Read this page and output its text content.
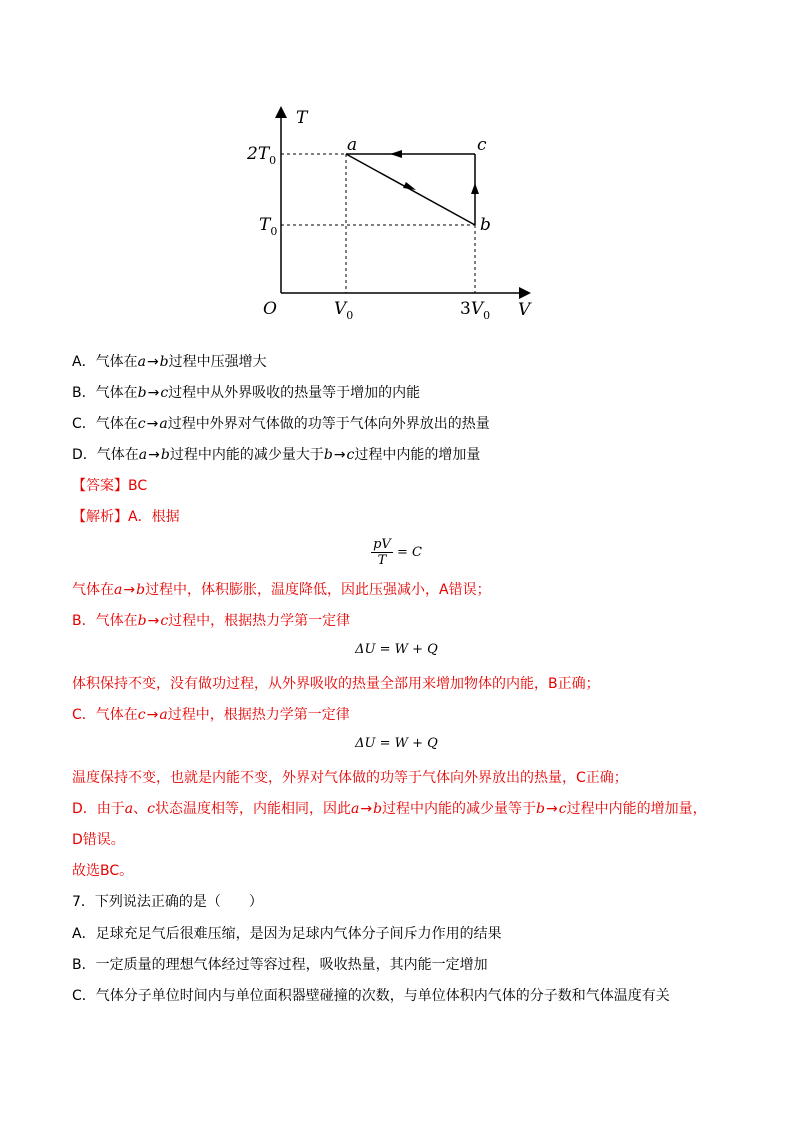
T
V
O
$2T_0$
$T_0$
$V_0$	$3V_0$
a
b
c
A．气体在a→b过程中压强增大
B．气体在b→c过程中从外界吸收的热量等于增加的内能
C．气体在c→a过程中外界对气体做的功等于气体向外界放出的热量
D．气体在a→b过程中内能的减少量大于b→c过程中内能的增加量
【答案】BC
【解析】A．根据
$\frac{pV}{T} = C$
气体在a→b过程中，体积膨胀，温度降低，因此压强减小，A错误；
B．气体在b→c过程中，根据热力学第一定律
ΔU = W + Q
体积保持不变，没有做功过程，从外界吸收的热量全部用来增加物体的内能，B正确；
C．气体在c→a过程中，根据热力学第一定律
ΔU = W + Q
温度保持不变，也就是内能不变，外界对气体做的功等于气体向外界放出的热量，C正确；
D．由于a、c状态温度相等，内能相同，因此a→b过程中内能的减少量等于b→c过程中内能的增加量，
D错误。
故选BC。
7．下列说法正确的是（　　）
A．足球充足气后很难压缩，是因为足球内气体分子间斥力作用的结果
B．一定质量的理想气体经过等容过程，吸收热量，其内能一定增加
C．气体分子单位时间内与单位面积器壁碰撞的次数，与单位体积内气体的分子数和气体温度有关
